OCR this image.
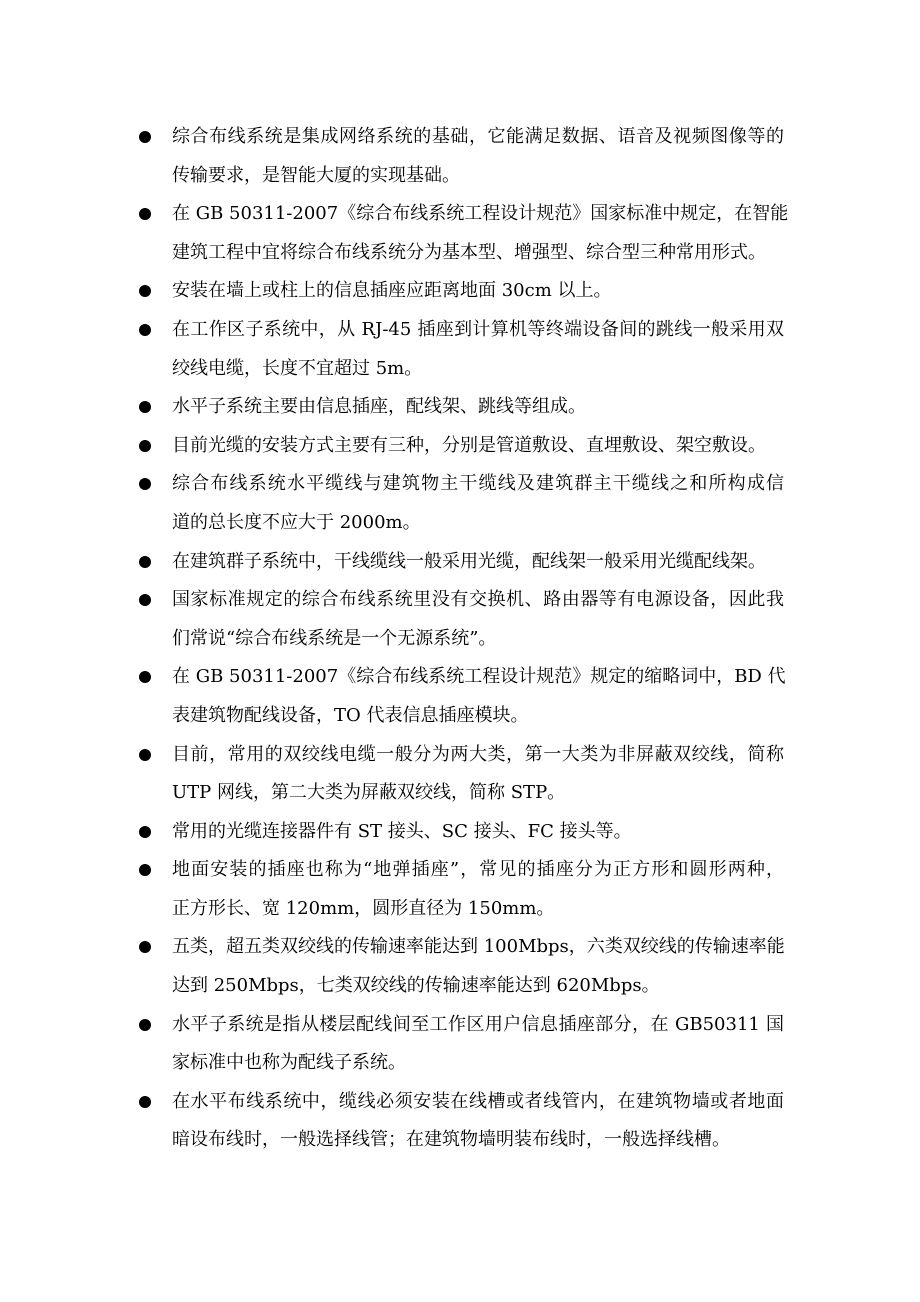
综合布线系统是集成网络系统的基础，它能满足数据、语音及视频图像等的
传输要求，是智能大厦的实现基础。
在 GB 50311-2007《综合布线系统工程设计规范》国家标准中规定，在智能
建筑工程中宜将综合布线系统分为基本型、增强型、综合型三种常用形式。
安装在墙上或柱上的信息插座应距离地面 30cm 以上。
在工作区子系统中，从 RJ-45 插座到计算机等终端设备间的跳线一般采用双
绞线电缆，长度不宜超过 5m。
水平子系统主要由信息插座，配线架、跳线等组成。
目前光缆的安装方式主要有三种，分别是管道敷设、直埋敷设、架空敷设。
综合布线系统水平缆线与建筑物主干缆线及建筑群主干缆线之和所构成信
道的总长度不应大于 2000m。
在建筑群子系统中，干线缆线一般采用光缆，配线架一般采用光缆配线架。
国家标准规定的综合布线系统里没有交换机、路由器等有电源设备，因此我
们常说“综合布线系统是一个无源系统”。
在 GB 50311-2007《综合布线系统工程设计规范》规定的缩略词中，BD 代
表建筑物配线设备，TO 代表信息插座模块。
目前，常用的双绞线电缆一般分为两大类，第一大类为非屏蔽双绞线，简称
UTP 网线，第二大类为屏蔽双绞线，简称 STP。
常用的光缆连接器件有 ST 接头、SC 接头、FC 接头等。
地面安装的插座也称为“地弹插座”，常见的插座分为正方形和圆形两种，
正方形长、宽 120mm，圆形直径为 150mm。
五类，超五类双绞线的传输速率能达到 100Mbps，六类双绞线的传输速率能
达到 250Mbps，七类双绞线的传输速率能达到 620Mbps。
水平子系统是指从楼层配线间至工作区用户信息插座部分，在 GB50311 国
家标准中也称为配线子系统。
在水平布线系统中，缆线必须安装在线槽或者线管内，在建筑物墙或者地面
暗设布线时，一般选择线管；在建筑物墙明装布线时，一般选择线槽。
